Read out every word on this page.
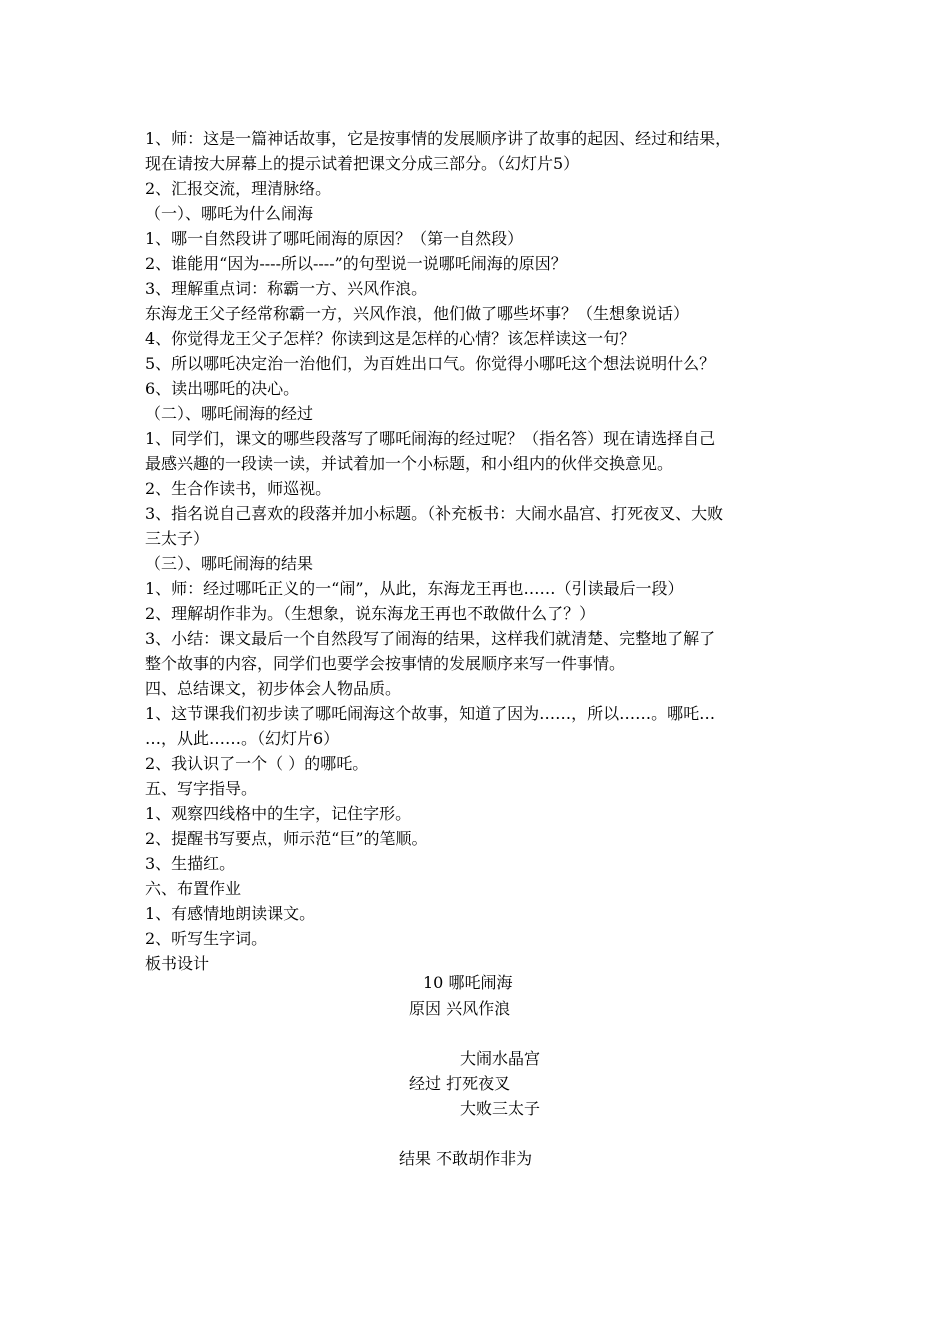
1、师：这是一篇神话故事，它是按事情的发展顺序讲了故事的起因、经过和结果，
现在请按大屏幕上的提示试着把课文分成三部分。（幻灯片5）
2、汇报交流，理清脉络。
（一）、哪吒为什么闹海
1、哪一自然段讲了哪吒闹海的原因？（第一自然段）
2、谁能用“因为----所以----”的句型说一说哪吒闹海的原因？
3、理解重点词：称霸一方、兴风作浪。
东海龙王父子经常称霸一方，兴风作浪，他们做了哪些坏事？（生想象说话）
4、你觉得龙王父子怎样？你读到这是怎样的心情？该怎样读这一句？
5、所以哪吒决定治一治他们，为百姓出口气。你觉得小哪吒这个想法说明什么？
6、读出哪吒的决心。
（二）、哪吒闹海的经过
1、同学们，课文的哪些段落写了哪吒闹海的经过呢？（指名答）现在请选择自己
最感兴趣的一段读一读，并试着加一个小标题，和小组内的伙伴交换意见。
2、生合作读书，师巡视。
3、指名说自己喜欢的段落并加小标题。（补充板书：大闹水晶宫、打死夜叉、大败
三太子）
（三）、哪吒闹海的结果
1、师：经过哪吒正义的一“闹”，从此，东海龙王再也……（引读最后一段）
2、理解胡作非为。（生想象，说东海龙王再也不敢做什么了？）
3、小结：课文最后一个自然段写了闹海的结果，这样我们就清楚、完整地了解了
整个故事的内容，同学们也要学会按事情的发展顺序来写一件事情。
四、总结课文，初步体会人物品质。
1、这节课我们初步读了哪吒闹海这个故事，知道了因为……，所以……。哪吒…
…，从此……。（幻灯片6）
2、我认识了一个（ ）的哪吒。
五、写字指导。
1、观察四线格中的生字，记住字形。
2、提醒书写要点，师示范“巨”的笔顺。
3、生描红。
六、布置作业
1、有感情地朗读课文。
2、听写生字词。
板书设计
10 哪吒闹海
原因 兴风作浪
大闹水晶宫
经过 打死夜叉
大败三太子
结果 不敢胡作非为
